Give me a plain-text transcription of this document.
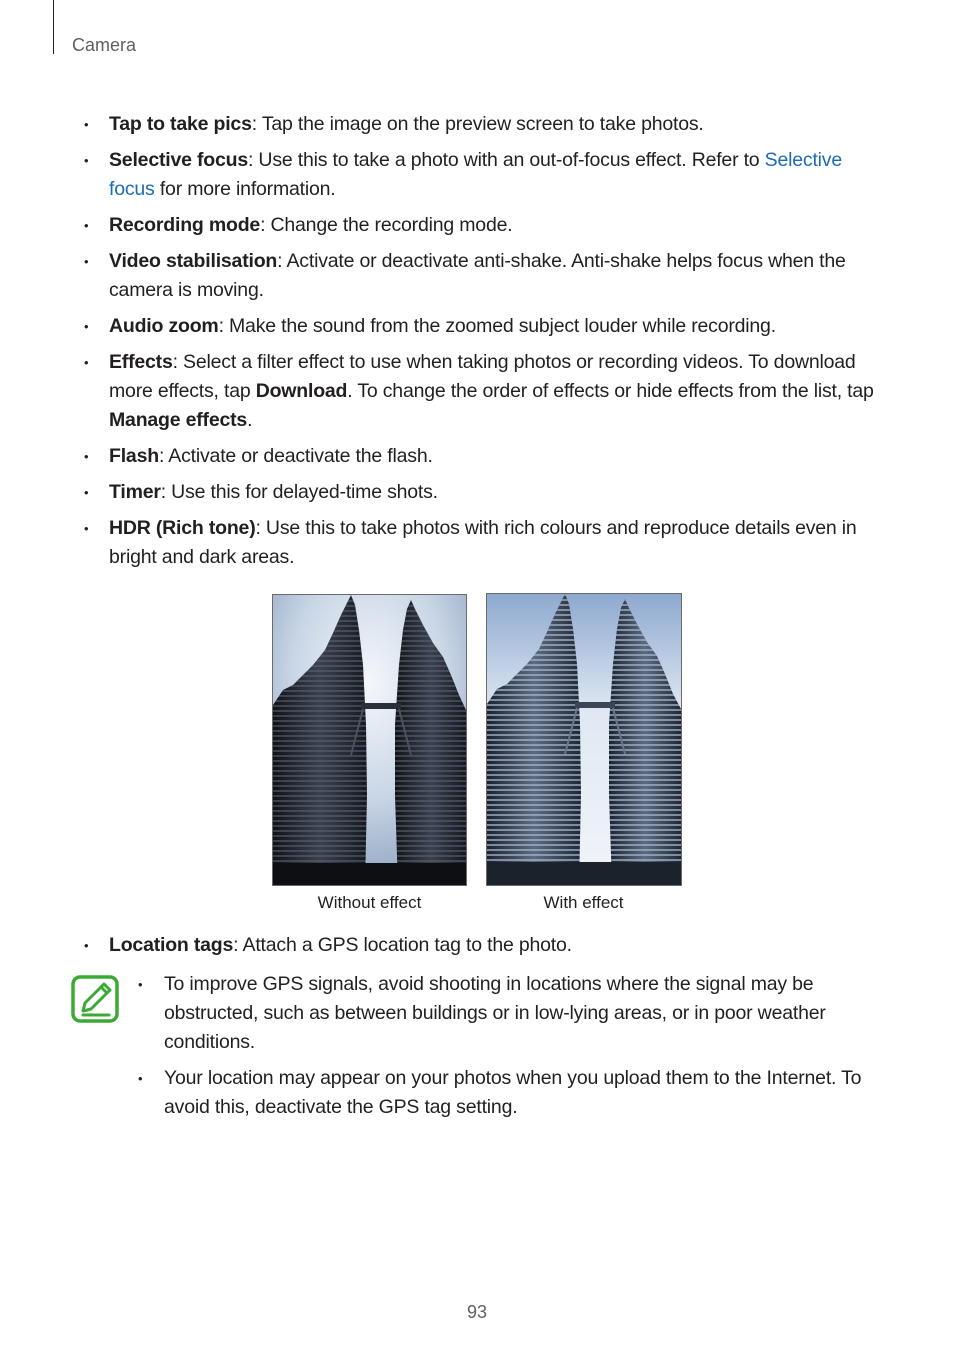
Camera
• Tap to take pics: Tap the image on the preview screen to take photos.
• Selective focus: Use this to take a photo with an out-of-focus effect. Refer to Selective focus for more information.
• Recording mode: Change the recording mode.
• Video stabilisation: Activate or deactivate anti-shake. Anti-shake helps focus when the camera is moving.
• Audio zoom: Make the sound from the zoomed subject louder while recording.
• Effects: Select a filter effect to use when taking photos or recording videos. To download more effects, tap Download. To change the order of effects or hide effects from the list, tap Manage effects.
• Flash: Activate or deactivate the flash.
• Timer: Use this for delayed-time shots.
• HDR (Rich tone): Use this to take photos with rich colours and reproduce details even in bright and dark areas.
Without effect	With effect
• Location tags: Attach a GPS location tag to the photo.
• To improve GPS signals, avoid shooting in locations where the signal may be obstructed, such as between buildings or in low-lying areas, or in poor weather conditions.
• Your location may appear on your photos when you upload them to the Internet. To avoid this, deactivate the GPS tag setting.
93
